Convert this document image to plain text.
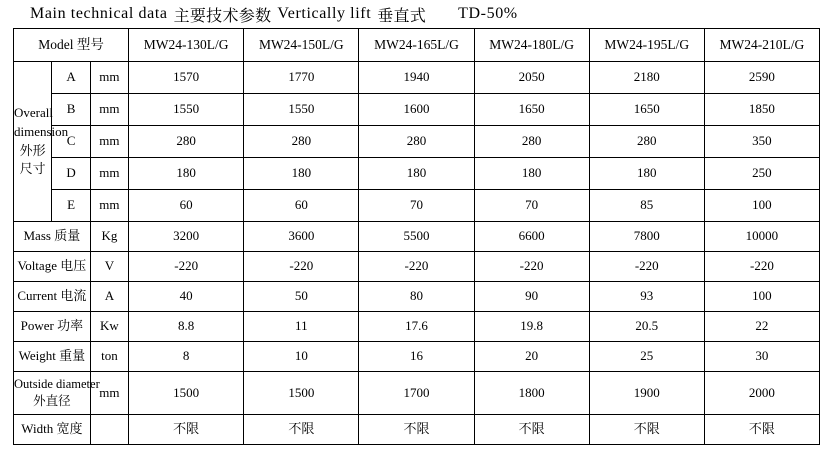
Main technical data 主要技术参数 Vertically lift 垂直式 TD-50%
Model 型号			MW24-130L/G	MW24-150L/G	MW24-165L/G	MW24-180L/G	MW24-195L/G	MW24-210L/G

Overall
dimension
外形尺寸	A	mm	1570	1770	1940	2050	2180	2590
	B	mm	1550	1550	1600	1650	1650	1850
	C	mm	280	280	280	280	280	350
	D	mm	180	180	180	180	180	250
	E	mm	60	60	70	70	85	100
Mass 质量		Kg	3200	3600	5500	6600	7800	10000
Voltage 电压		V	-220	-220	-220	-220	-220	-220
Current 电流		A	40	50	80	90	93	100
Power 功率		Kw	8.8	11	17.6	19.8	20.5	22
Weight 重量		ton	8	10	16	20	25	30

Outside diameter
外直径		mm	1500	1500	1700	1800	1900	2000
Width 宽度			不限	不限	不限	不限	不限	不限
